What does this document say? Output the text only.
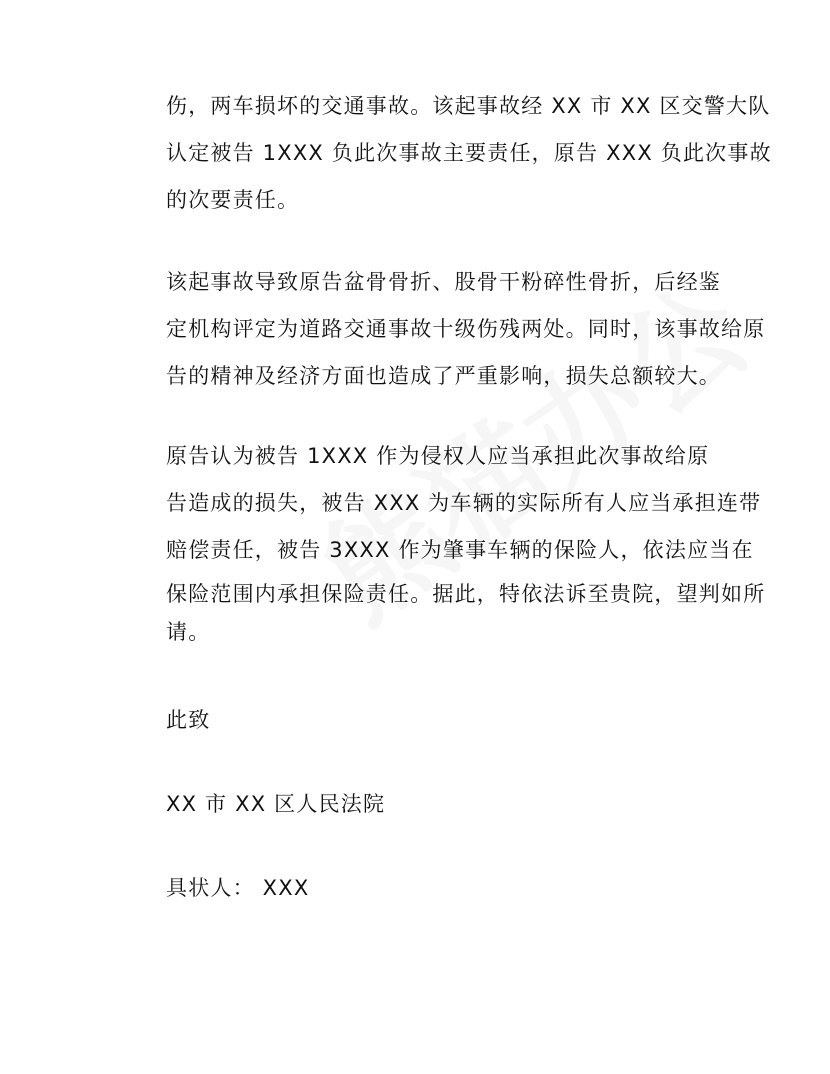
伤，两车损坏的交通事故。该起事故经 XX 市 XX 区交警大队
认定被告 1XXX 负此次事故主要责任，原告 XXX 负此次事故
的次要责任。
该起事故导致原告盆骨骨折、股骨干粉碎性骨折，后经鉴
定机构评定为道路交通事故十级伤残两处。同时，该事故给原
告的精神及经济方面也造成了严重影响，损失总额较大。
原告认为被告 1XXX 作为侵权人应当承担此次事故给原
告造成的损失，被告 XXX 为车辆的实际所有人应当承担连带
赔偿责任，被告 3XXX 作为肇事车辆的保险人，依法应当在
保险范围内承担保险责任。据此，特依法诉至贵院，望判如所
请。
此致
XX 市 XX 区人民法院
具状人： XXX
